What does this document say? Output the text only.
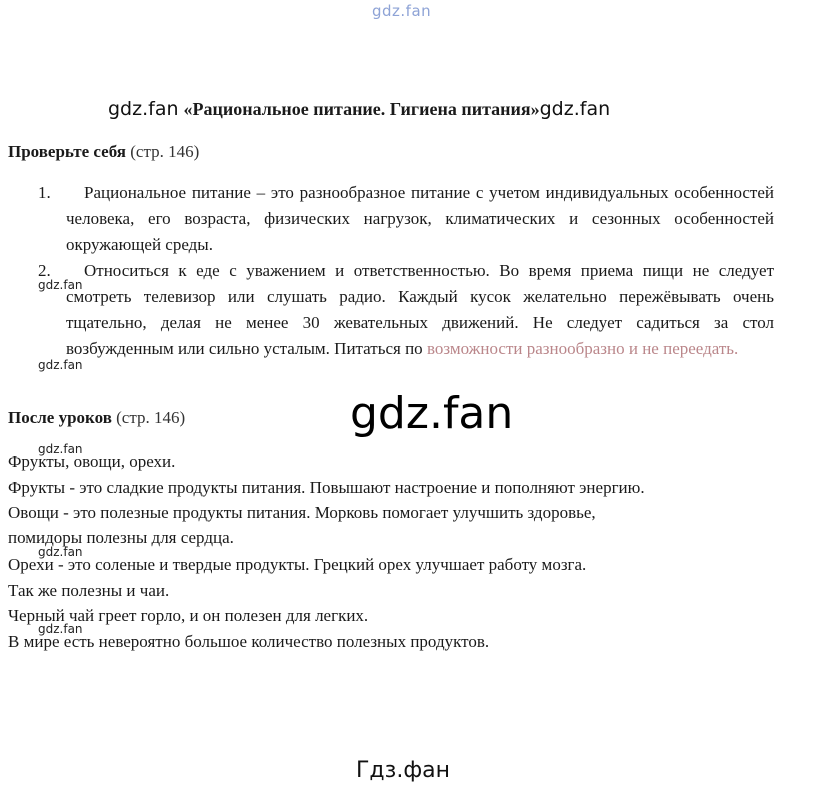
gdz.fan
gdz.fan «Рациональное питание. Гигиена питания»gdz.fan
Проверьте себя (стр. 146)
1.	Рациональное питание – это разнообразное питание с учетом индивидуальных особенностей человека, его возраста, физических нагрузок, климатических и сезонных особенностей окружающей среды.
2.	Относиться к еде с уважением и ответственностью. Во время приема пищи не следует смотреть телевизор или слушать радио. Каждый кусок желательно пережёвывать очень тщательно, делая не менее 30 жевательных движений. Не следует садиться за стол возбужденным или сильно усталым. Питаться по возможности разнообразно и не переедать.
gdz.fan
gdz.fan
После уроков (стр. 146)	gdz.fan
gdz.fan
gdz.fan
gdz.fan
Фрукты, овощи, орехи.
Фрукты - это сладкие продукты питания. Повышают настроение и пополняют энергию.
Овощи - это полезные продукты питания. Морковь помогает улучшить здоровье,
помидоры полезны для сердца.
Орехи - это соленые и твердые продукты. Грецкий орех улучшает работу мозга.
Так же полезны и чаи.
Черный чай греет горло, и он полезен для легких.
В мире есть невероятно большое количество полезных продуктов.
Гдз.фан
